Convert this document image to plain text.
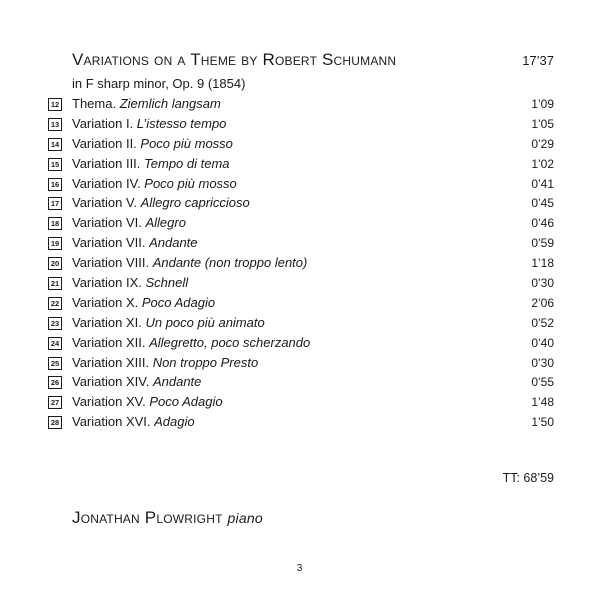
Variations on a Theme by Robert Schumann	17’37
in F sharp minor, Op. 9 (1854)
12 Thema. Ziemlich langsam	1’09
13 Variation I. L’istesso tempo	1’05
14 Variation II. Poco più mosso	0’29
15 Variation III. Tempo di tema	1’02
16 Variation IV. Poco più mosso	0’41
17 Variation V. Allegro capriccioso	0’45
18 Variation VI. Allegro	0’46
19 Variation VII. Andante	0’59
20 Variation VIII. Andante (non troppo lento)	1’18
21 Variation IX. Schnell	0’30
22 Variation X. Poco Adagio	2’06
23 Variation XI. Un poco più animato	0’52
24 Variation XII. Allegretto, poco scherzando	0’40
25 Variation XIII. Non troppo Presto	0’30
26 Variation XIV. Andante	0’55
27 Variation XV. Poco Adagio	1’48
28 Variation XVI. Adagio	1’50
TT: 68’59
Jonathan Plowright piano
3
